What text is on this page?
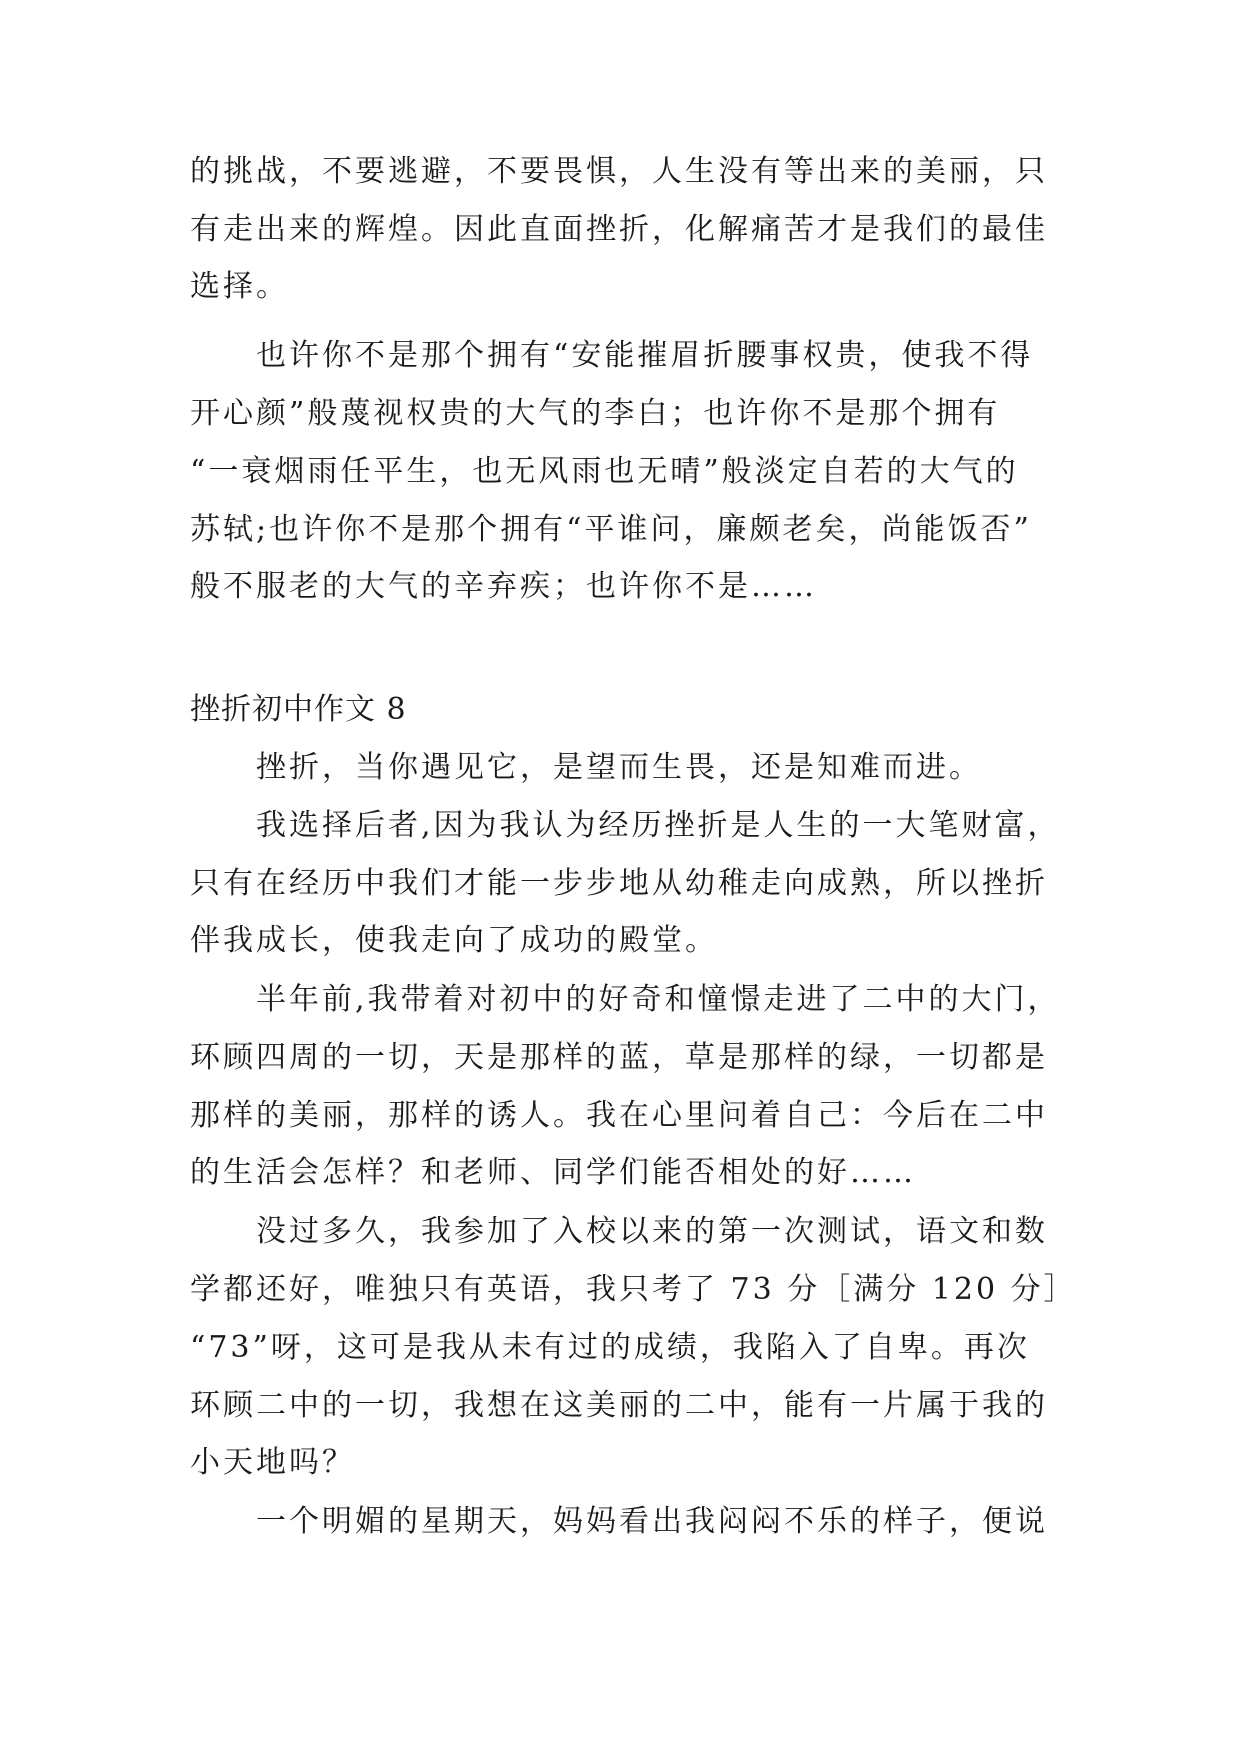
的挑战，不要逃避，不要畏惧，人生没有等出来的美丽，只
有走出来的辉煌。因此直面挫折，化解痛苦才是我们的最佳
选择。
也许你不是那个拥有“安能摧眉折腰事权贵，使我不得
开心颜”般蔑视权贵的大气的李白；也许你不是那个拥有
“一衰烟雨任平生，也无风雨也无晴”般淡定自若的大气的
苏轼;也许你不是那个拥有“平谁问，廉颇老矣，尚能饭否”
般不服老的大气的辛弃疾；也许你不是……
挫折初中作文 8
挫折，当你遇见它，是望而生畏，还是知难而进。
我选择后者,因为我认为经历挫折是人生的一大笔财富，
只有在经历中我们才能一步步地从幼稚走向成熟，所以挫折
伴我成长，使我走向了成功的殿堂。
半年前,我带着对初中的好奇和憧憬走进了二中的大门，
环顾四周的一切，天是那样的蓝，草是那样的绿，一切都是
那样的美丽，那样的诱人。我在心里问着自己：今后在二中
的生活会怎样？和老师、同学们能否相处的好……
没过多久，我参加了入校以来的第一次测试，语文和数
学都还好，唯独只有英语，我只考了 73 分［满分 120 分］
“73”呀，这可是我从未有过的成绩，我陷入了自卑。再次
环顾二中的一切，我想在这美丽的二中，能有一片属于我的
小天地吗？
一个明媚的星期天，妈妈看出我闷闷不乐的样子，便说
